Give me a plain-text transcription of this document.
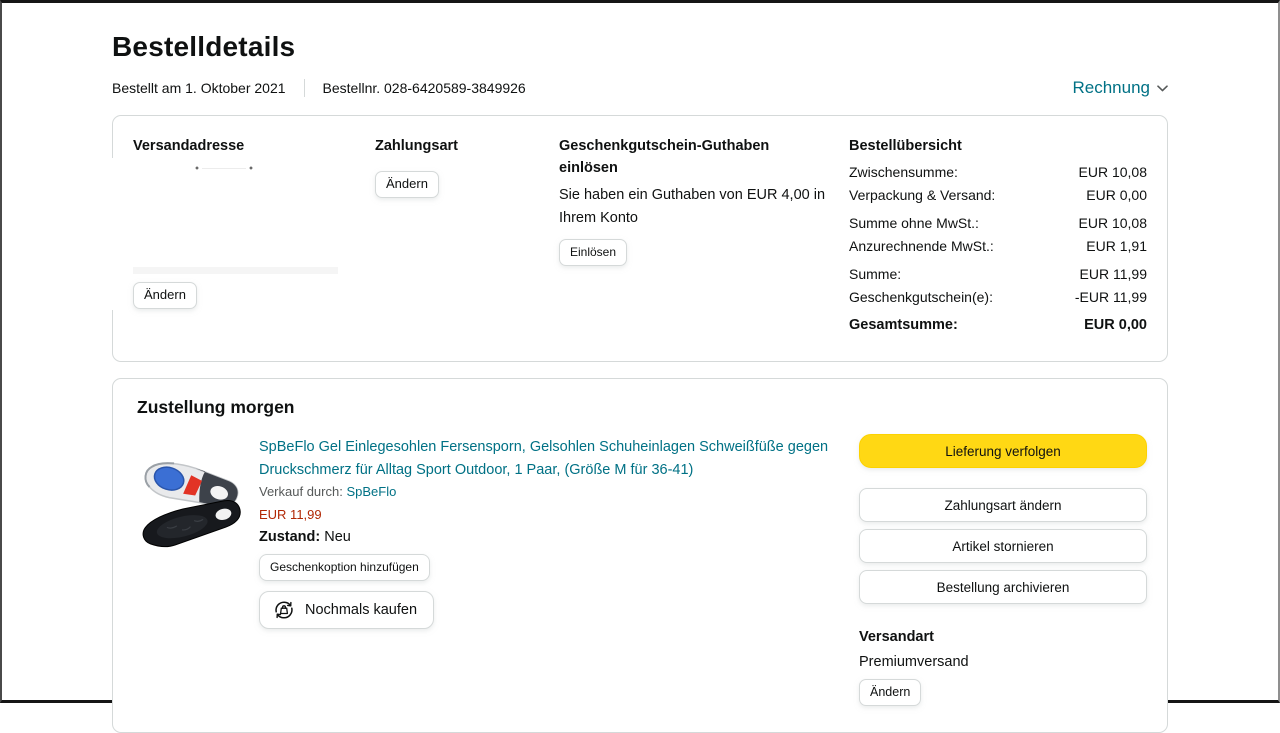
Bestelldetails
Bestellt am 1. Oktober 2021	Bestellnr. 028-6420589-3849926	Rechnung
Versandadresse
Ändern
Zahlungsart
Ändern
Geschenkgutschein-Guthaben einlösen

Sie haben ein Guthaben von EUR 4,00 in Ihrem Konto

Einlösen
Bestellübersicht
Zwischensumme:	EUR 10,08
Verpackung & Versand:	EUR 0,00
Summe ohne MwSt.:	EUR 10,08
Anzurechnende MwSt.:	EUR 1,91
Summe:	EUR 11,99
Geschenkgutschein(e):	-EUR 11,99
Gesamtsumme:	EUR 0,00
Zustellung morgen
SpBeFlo Gel Einlegesohlen Fersensporn, Gelsohlen Schuheinlagen Schweißfüße gegen Druckschmerz für Alltag Sport Outdoor, 1 Paar, (Größe M für 36-41)
Verkauf durch: SpBeFlo
EUR 11,99
Zustand: Neu
Geschenkoption hinzufügen
Nochmals kaufen
Lieferung verfolgen Zahlungsart ändern Artikel stornieren Bestellung archivieren
Versandart
Premiumversand
Ändern
